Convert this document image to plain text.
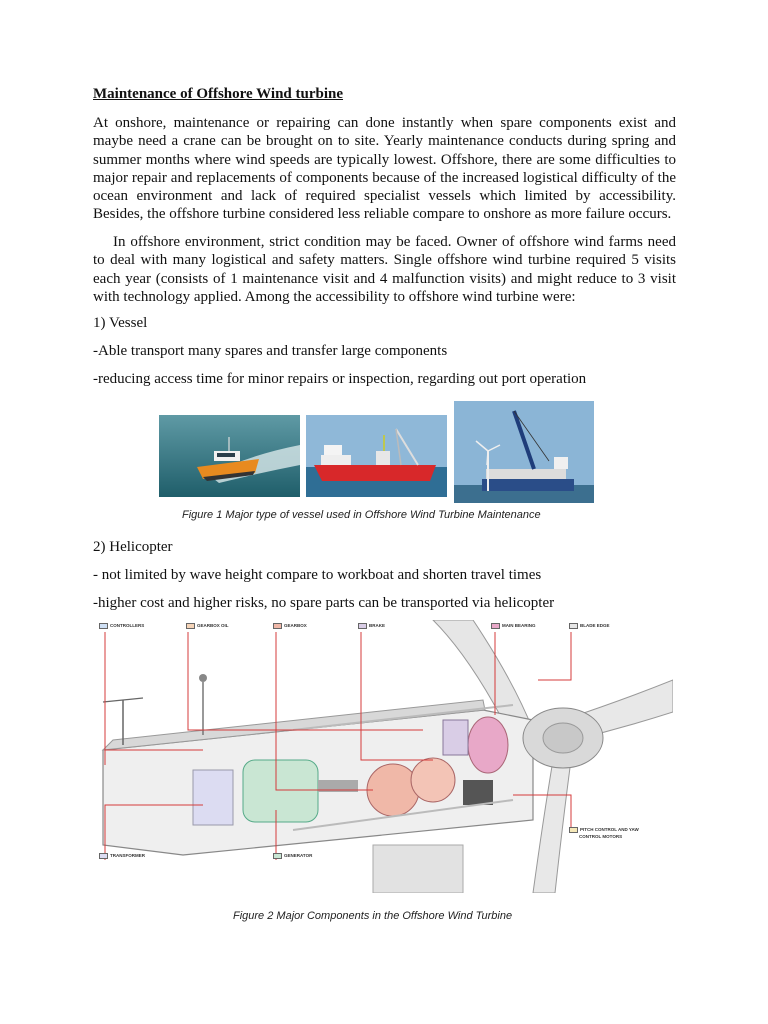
Maintenance of Offshore Wind turbine

At onshore, maintenance or repairing can done instantly when spare components exist and maybe need a crane can be brought on to site. Yearly maintenance conducts during spring and summer months where wind speeds are typically lowest. Offshore, there are some difficulties to major repair and replacements of components because of the increased logistical difficulty of the ocean environment and lack of required specialist vessels which limited by accessibility. Besides, the offshore turbine considered less reliable compare to onshore as more failure occurs.

In offshore environment, strict condition may be faced. Owner of offshore wind farms need to deal with many logistical and safety matters. Single offshore wind turbine required 5 visits each year (consists of 1 maintenance visit and 4 malfunction visits) and might reduce to 3 visit with technology applied. Among the accessibility to offshore wind turbine were:

1) Vessel
-Able transport many spares and transfer large components
-reducing access time for minor repairs or inspection, regarding out port operation
Figure 1 Major type of vessel used in Offshore Wind Turbine Maintenance
2) Helicopter
- not limited by wave height compare to workboat and shorten travel times
-higher cost and higher risks, no spare parts can be transported via helicopter
CONTROLLERS	GEARBOX OIL	GEARBOX	BRAKE	MAIN BEARING	BLADE EDGE
TRANSFORMER	GENERATOR
PITCH CONTROL AND YAW
CONTROL MOTORS
Figure 2 Major Components in the Offshore Wind Turbine
